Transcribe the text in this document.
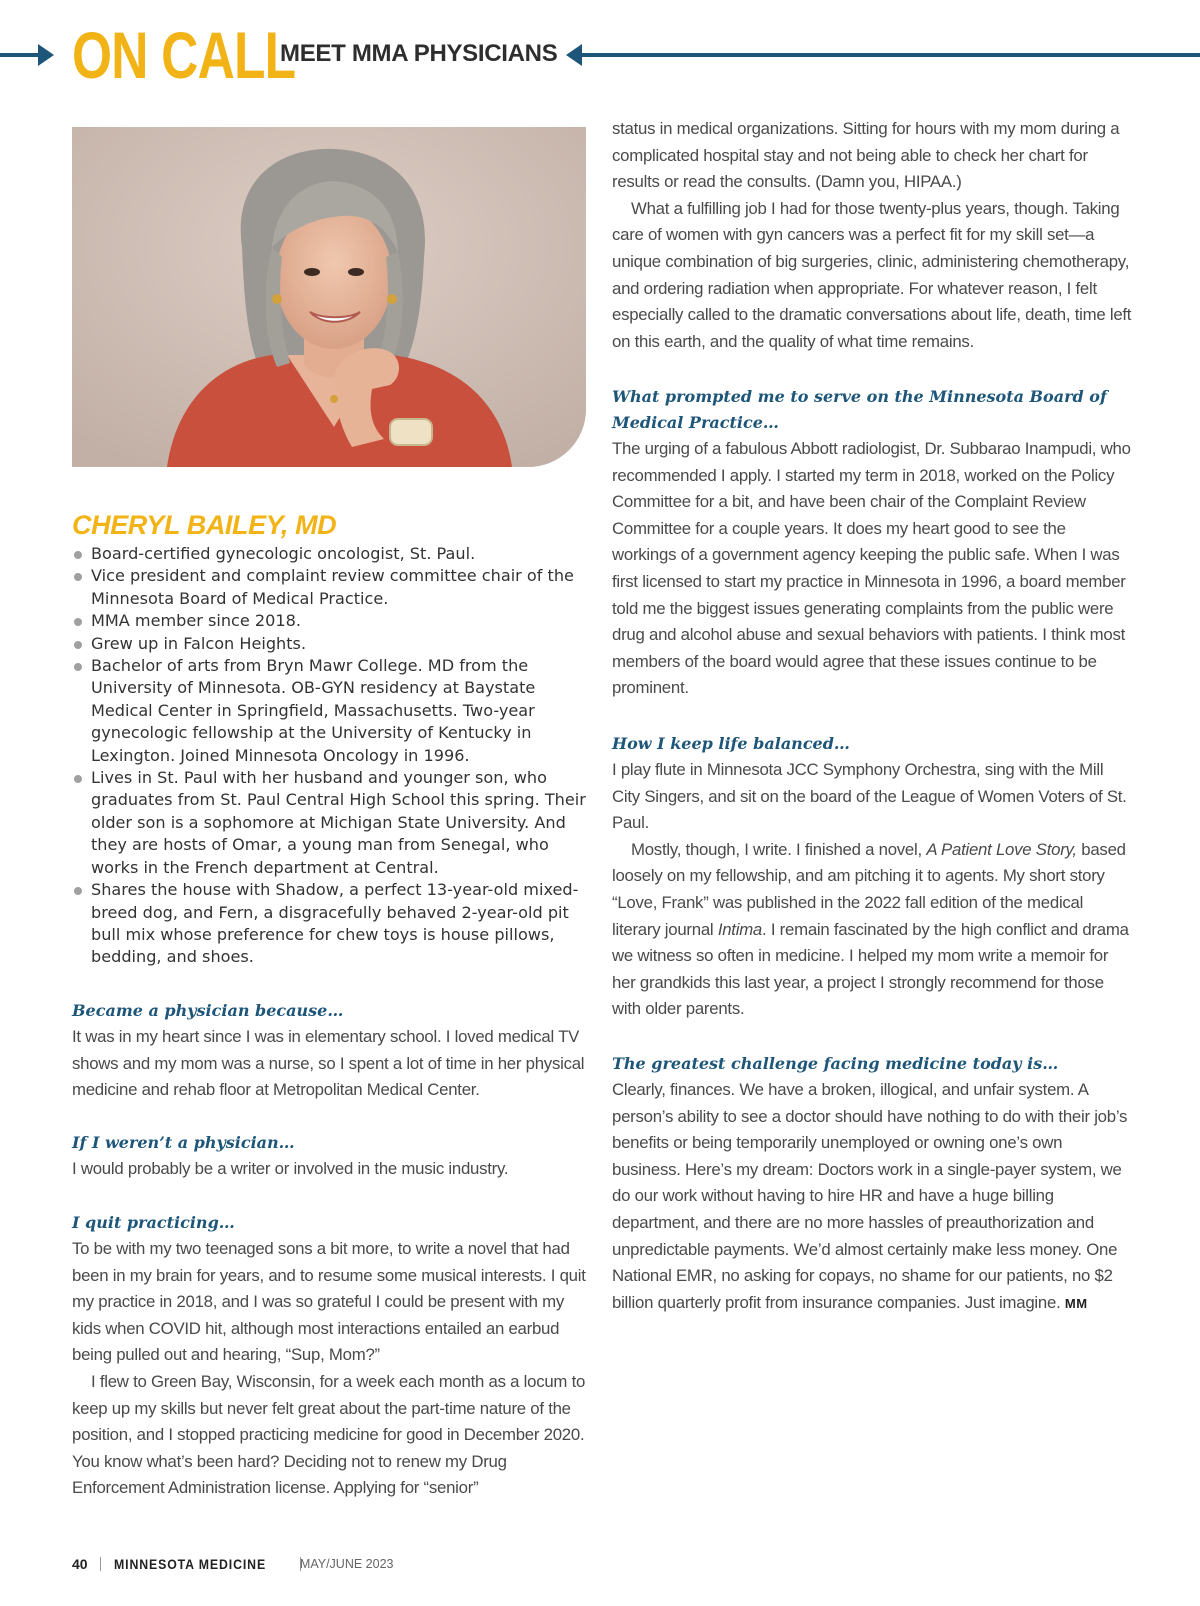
ON CALL
MEET MMA PHYSICIANS
CHERYL BAILEY, MD
Board-certified gynecologic oncologist, St. Paul.
Vice president and complaint review committee chair of the Minnesota Board of Medical Practice.
MMA member since 2018.
Grew up in Falcon Heights.
Bachelor of arts from Bryn Mawr College. MD from the University of Minnesota. OB-GYN residency at Baystate Medical Center in Springfield, Massachusetts. Two-year gynecologic fellowship at the University of Kentucky in Lexington. Joined Minnesota Oncology in 1996.
Lives in St. Paul with her husband and younger son, who graduates from St. Paul Central High School this spring. Their older son is a sophomore at Michigan State University. And they are hosts of Omar, a young man from Senegal, who works in the French department at Central.
Shares the house with Shadow, a perfect 13-year-old mixed-breed dog, and Fern, a disgracefully behaved 2-year-old pit bull mix whose preference for chew toys is house pillows, bedding, and shoes.
Became a physician because…

It was in my heart since I was in elementary school. I loved medical TV shows and my mom was a nurse, so I spent a lot of time in her physical medicine and rehab floor at Metropolitan Medical Center.

If I weren’t a physician…

I would probably be a writer or involved in the music industry.

I quit practicing…

To be with my two teenaged sons a bit more, to write a novel that had been in my brain for years, and to resume some musical interests. I quit my practice in 2018, and I was so grateful I could be present with my kids when COVID hit, although most interactions entailed an earbud being pulled out and hearing, “Sup, Mom?”

I flew to Green Bay, Wisconsin, for a week each month as a locum to keep up my skills but never felt great about the part-time nature of the position, and I stopped practicing medicine for good in December 2020. You know what’s been hard? Deciding not to renew my Drug Enforcement Administration license. Applying for “senior”

status in medical organizations. Sitting for hours with my mom during a complicated hospital stay and not being able to check her chart for results or read the consults. (Damn you, HIPAA.)

What a fulfilling job I had for those twenty-plus years, though. Taking care of women with gyn cancers was a perfect fit for my skill set—a unique combination of big surgeries, clinic, administering chemotherapy, and ordering radiation when appropriate. For whatever reason, I felt especially called to the dramatic conversations about life, death, time left on this earth, and the quality of what time remains.

What prompted me to serve on the Minnesota Board of Medical Practice…

The urging of a fabulous Abbott radiologist, Dr. Subbarao Inampudi, who recommended I apply. I started my term in 2018, worked on the Policy Committee for a bit, and have been chair of the Complaint Review Committee for a couple years. It does my heart good to see the workings of a government agency keeping the public safe. When I was first licensed to start my practice in Minnesota in 1996, a board member told me the biggest issues generating complaints from the public were drug and alcohol abuse and sexual behaviors with patients. I think most members of the board would agree that these issues continue to be prominent.

How I keep life balanced…

I play flute in Minnesota JCC Symphony Orchestra, sing with the Mill City Singers, and sit on the board of the League of Women Voters of St. Paul.

Mostly, though, I write. I finished a novel, A Patient Love Story, based loosely on my fellowship, and am pitching it to agents. My short story “Love, Frank” was published in the 2022 fall edition of the medical literary journal Intima. I remain fascinated by the high conflict and drama we witness so often in medicine. I helped my mom write a memoir for her grandkids this last year, a project I strongly recommend for those with older parents.

The greatest challenge facing medicine today is…

Clearly, finances. We have a broken, illogical, and unfair system. A person’s ability to see a doctor should have nothing to do with their job’s benefits or being temporarily unemployed or owning one’s own business. Here’s my dream: Doctors work in a single-payer system, we do our work without having to hire HR and have a huge billing department, and there are no more hassles of preauthorization and unpredictable payments. We’d almost certainly make less money. One National EMR, no asking for copays, no shame for our patients, no $2 billion quarterly profit from insurance companies. Just imagine. MM

40 MINNESOTA MEDICINE	MAY/JUNE 2023
